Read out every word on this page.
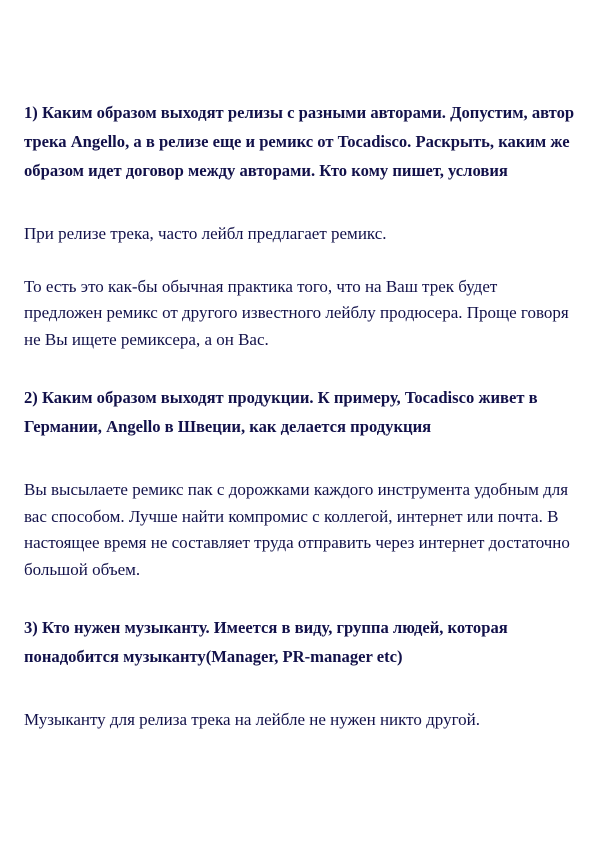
1) Каким образом выходят релизы с разными авторами. Допустим, автор трека Angello, а в релизе еще и ремикс от Tocadisco. Раскрыть, каким же образом идет договор между авторами. Кто кому пишет, условия

При релизе трека, часто лейбл предлагает ремикс.

То есть это как-бы обычная практика того, что на Ваш трек будет предложен ремикс от другого известного лейблу продюсера. Проще говоря не Вы ищете ремиксера, а он Вас.

2) Каким образом выходят продукции. К примеру, Tocadisco живет в Германии, Angello в Швеции, как делается продукция

Вы высылаете ремикс пак с дорожками каждого инструмента удобным для вас способом. Лучше найти компромис с коллегой, интернет или почта. В настоящее время не составляет труда отправить через интернет достаточно большой объем.

3) Кто нужен музыканту. Имеется в виду, группа людей, которая понадобится музыканту(Manager, PR-manager etc)

Музыканту для релиза трека на лейбле не нужен никто другой.
